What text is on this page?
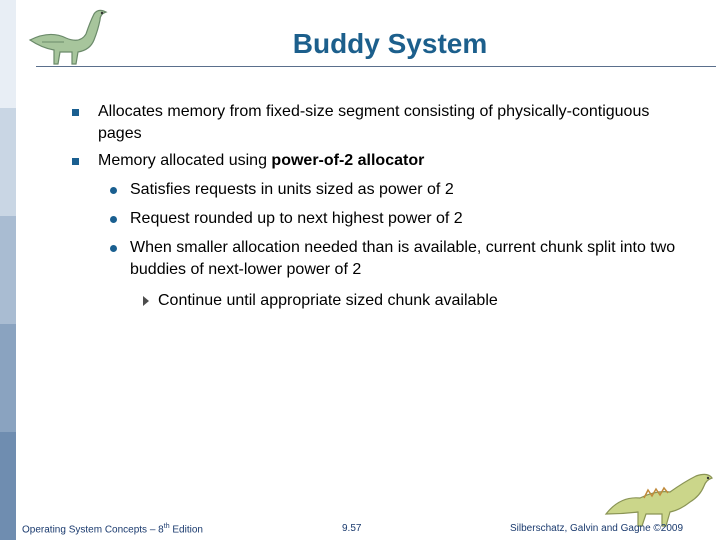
Buddy System
Allocates memory from fixed-size segment consisting of physically-contiguous pages
Memory allocated using power-of-2 allocator
Satisfies requests in units sized as power of 2
Request rounded up to next highest power of 2
When smaller allocation needed than is available, current chunk split into two buddies of next-lower power of 2
Continue until appropriate sized chunk available
Operating System Concepts – 8th Edition	9.57	Silberschatz, Galvin and Gagne ©2009
